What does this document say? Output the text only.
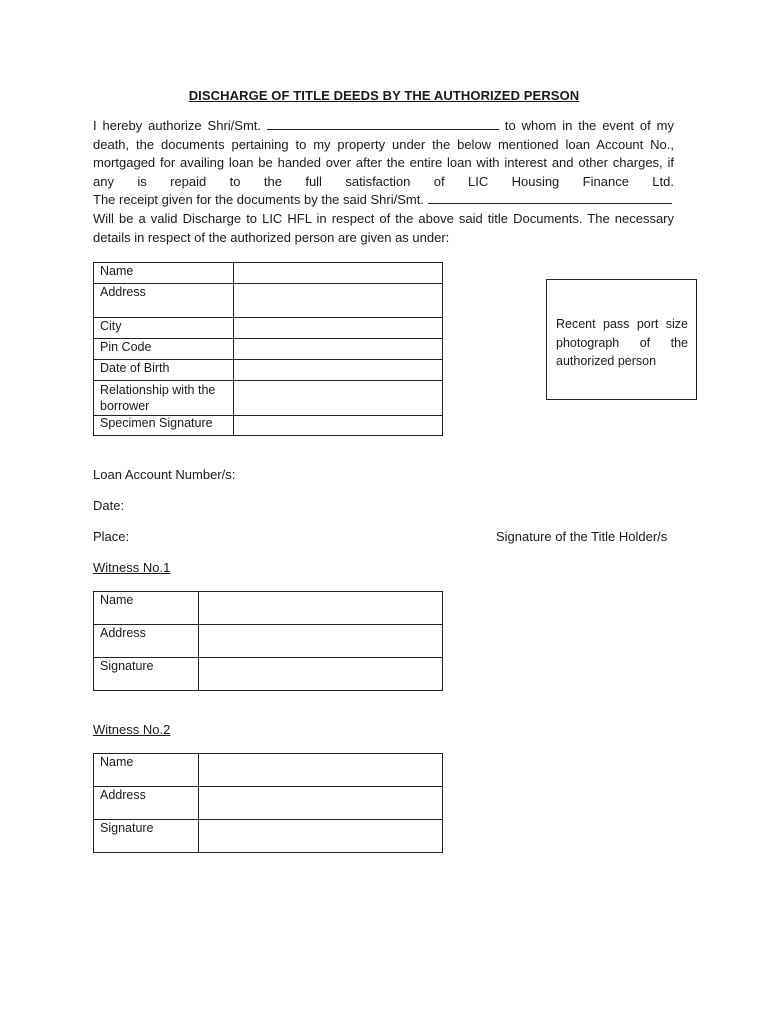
DISCHARGE OF TITLE DEEDS BY THE AUTHORIZED PERSON
I hereby authorize Shri/Smt.	to whom in the event of my
death, the documents pertaining to my property under the below mentioned loan Account No.,
mortgaged for availing loan be handed over after the entire loan with interest and other charges, if
any is repaid to the full satisfaction of LIC Housing Finance Ltd.
The receipt given for the documents by the said Shri/Smt.
Will be a valid Discharge to LIC HFL in respect of the above said title Documents. The necessary
details in respect of the authorized person are given as under:
Name	
Address	
City	
Pin Code	
Date of Birth	
Relationship with the
borrower	
Specimen Signature	
Recent pass port size
photograph of the
authorized person
Loan Account Number/s:
Date:
Place:	Signature of the Title Holder/s
Witness No.1
Name	
Address	
Signature	
Witness No.2
Name	
Address	
Signature	
